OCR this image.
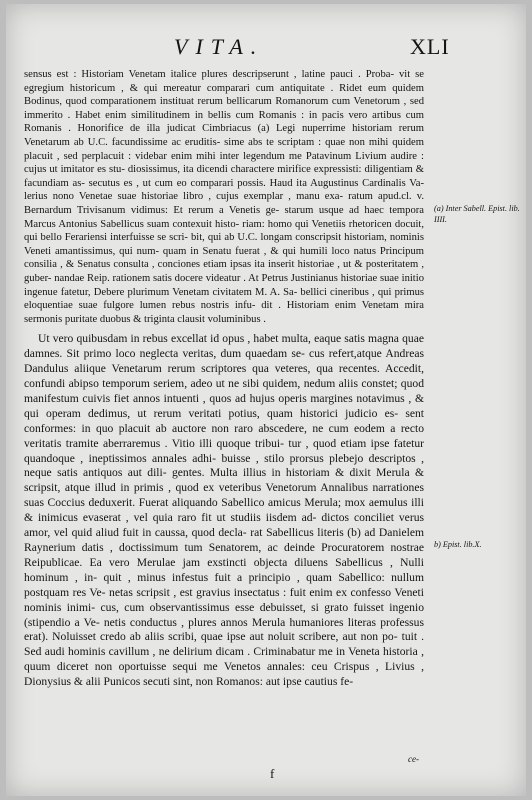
VITA.	XLI

sensus est : Historiam Venetam italice plures descripserunt , latine pauci . Proba- vit se egregium historicum , & qui mereatur comparari cum antiquitate . Ridet eum quidem Bodinus, quod comparationem instituat rerum bellicarum Romanorum cum Venetorum , sed immerito . Habet enim similitudinem in bellis cum Romanis : in pacis vero artibus cum Romanis . Honorifice de illa judicat Cimbriacus (a) Legi nuperrime historiam rerum Venetarum ab U.C. facundissime ac eruditis- sime abs te scriptam : quae non mihi quidem placuit , sed perplacuit : videbar enim mihi inter legendum me Patavinum Livium audire : cujus ut imitator es stu- diosissimus, ita dicendi charactere mirifice expressisti: diligentiam & facundiam as- secutus es , ut cum eo comparari possis. Haud ita Augustinus Cardinalis Va- lerius nono Venetae suae historiae libro , cujus exemplar , manu exa- ratum apud.cl. v. Bernardum Trivisanum vidimus: Et rerum a Venetis ge- starum usque ad haec tempora Marcus Antonius Sabellicus suam contexuit histo- riam: homo qui Venetiis rhetoricen docuit, qui bello Ferariensi interfuisse se scri- bit, qui ab U.C. longam conscripsit historiam, nominis Veneti amantissimus, qui num- quam in Senatu fuerat , & qui humili loco natus Principum consilia , & Senatus consulta , conciones etiam ipsas ita inserit historiae , ut & posteritatem , guber- nandae Reip. rationem satis docere videatur . At Petrus Justinianus historiae suae initio ingenue fatetur, Debere plurimum Venetam civitatem M. A. Sa- bellici cineribus , qui primus eloquentiae suae fulgore lumen rebus nostris infu- dit . Historiam enim Venetam mira sermonis puritate duobus & triginta clausit voluminibus .

Ut vero quibusdam in rebus excellat id opus , habet multa, eaque satis magna quae damnes. Sit primo loco neglecta veritas, dum quaedam se- cus refert,atque Andreas Dandulus aliique Venetarum rerum scriptores qua veteres, qua recentes. Accedit, confundi abipso temporum seriem, adeo ut ne sibi quidem, nedum aliis constet; quod manifestum cuivis fiet annos intuenti , quos ad hujus operis margines notavimus , & qui operam dedimus, ut rerum veritati potius, quam historici judicio es- sent conformes: in quo placuit ab auctore non raro abscedere, ne cum eodem a recto veritatis tramite aberraremus . Vitio illi quoque tribui- tur , quod etiam ipse fatetur quandoque , ineptissimos annales adhi- buisse , stilo prorsus plebejo descriptos , neque satis antiquos aut dili- gentes. Multa illius in historiam & dixit Merula & scripsit, atque illud in primis , quod ex veteribus Venetorum Annalibus narrationes suas Coccius deduxerit. Fuerat aliquando Sabellico amicus Merula; mox aemulus illi & inimicus evaserat , vel quia raro fit ut studiis iisdem ad- dictos conciliet verus amor, vel quid aliud fuit in caussa, quod decla- rat Sabellicus literis (b) ad Danielem Raynerium datis , doctissimum tum Senatorem, ac deinde Procuratorem nostrae Reipublicae. Ea vero Merulae jam exstincti objecta diluens Sabellicus , Nulli hominum , in- quit , minus infestus fuit a principio , quam Sabellico: nullum postquam res Ve- netas scripsit , est gravius insectatus : fuit enim ex confesso Veneti nominis inimi- cus, cum observantissimus esse debuisset, si grato fuisset ingenio (stipendio a Ve- netis conductus , plures annos Merula humaniores literas professus erat). Noluisset credo ab aliis scribi, quae ipse aut noluit scribere, aut non po- tuit . Sed audi hominis cavillum , ne delirium dicam . Criminabatur me in Veneta historia , quum diceret non oportuisse sequi me Venetos annales: ceu Crispus , Livius , Dionysius & alii Punicos secuti sint, non Romanos: aut ipse cautius fe-

(a) Inter Sabell. Epist. lib. IIII.
b) Epist. lib.X.
ce-
f
